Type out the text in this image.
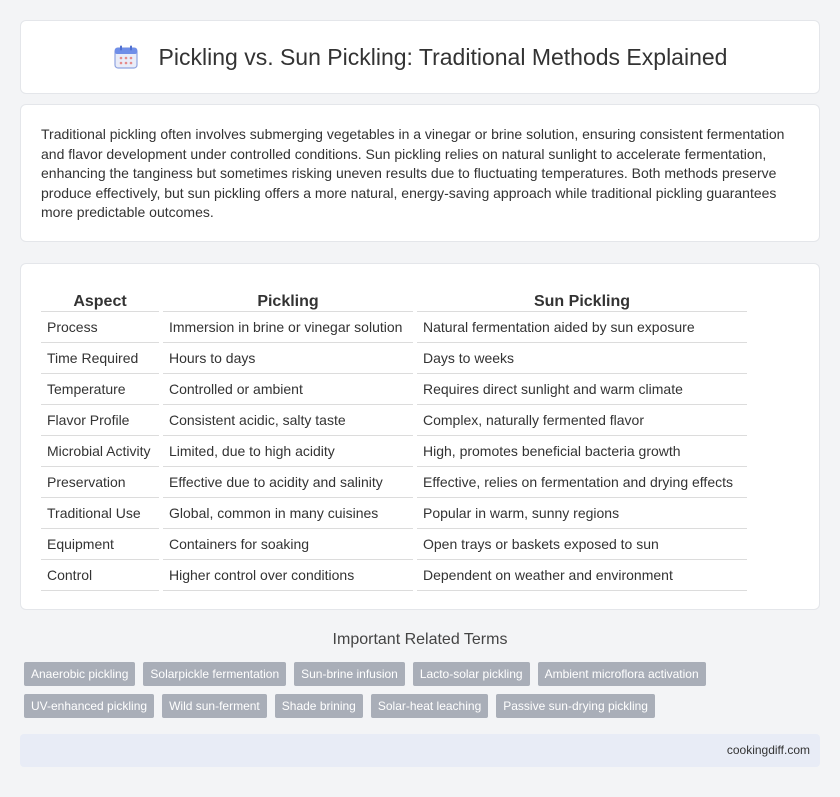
Pickling vs. Sun Pickling: Traditional Methods Explained

Traditional pickling often involves submerging vegetables in a vinegar or brine solution, ensuring consistent fermentation and flavor development under controlled conditions. Sun pickling relies on natural sunlight to accelerate fermentation, enhancing the tanginess but sometimes risking uneven results due to fluctuating temperatures. Both methods preserve produce effectively, but sun pickling offers a more natural, energy-saving approach while traditional pickling guarantees more predictable outcomes.

Aspect	Pickling	Sun Pickling
Process	Immersion in brine or vinegar solution	Natural fermentation aided by sun exposure
Time Required	Hours to days	Days to weeks
Temperature	Controlled or ambient	Requires direct sunlight and warm climate
Flavor Profile	Consistent acidic, salty taste	Complex, naturally fermented flavor
Microbial Activity	Limited, due to high acidity	High, promotes beneficial bacteria growth
Preservation	Effective due to acidity and salinity	Effective, relies on fermentation and drying effects
Traditional Use	Global, common in many cuisines	Popular in warm, sunny regions
Equipment	Containers for soaking	Open trays or baskets exposed to sun
Control	Higher control over conditions	Dependent on weather and environment
Important Related Terms
Anaerobic pickling	Solarpickle fermentation	Sun-brine infusion	Lacto-solar pickling	Ambient microflora activation
UV-enhanced pickling	Wild sun-ferment	Shade brining	Solar-heat leaching	Passive sun-drying pickling
cookingdiff.com
